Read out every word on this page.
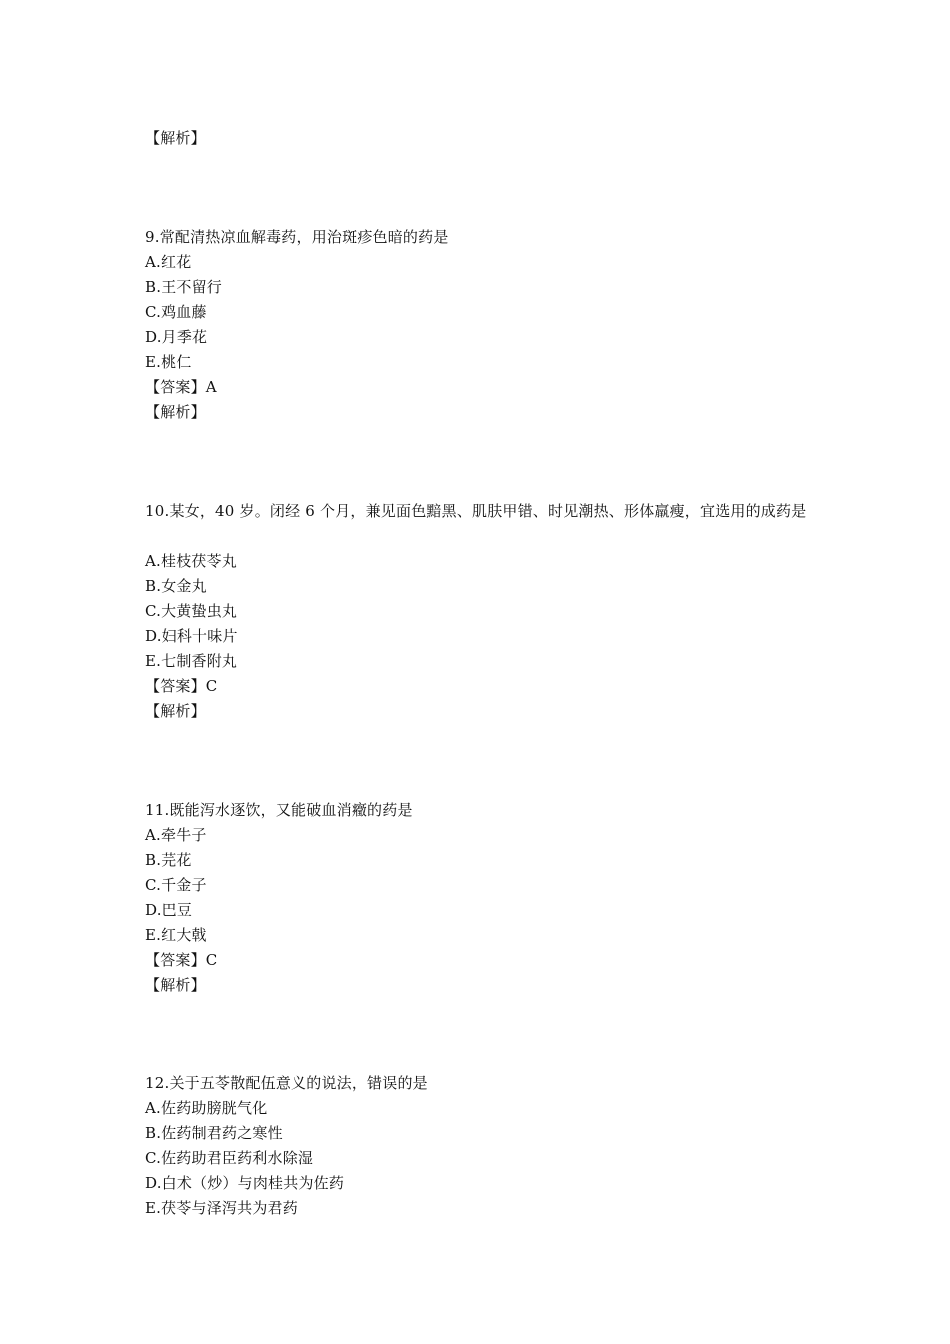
【解析】
9.常配清热凉血解毒药，用治斑疹色暗的药是
A.红花
B.王不留行
C.鸡血藤
D.月季花
E.桃仁
【答案】A
【解析】
10.某女，40 岁。闭经 6 个月，兼见面色黯黑、肌肤甲错、时见潮热、形体羸瘦，宜选用的成药是
A.桂枝茯苓丸
B.女金丸
C.大黄蛰虫丸
D.妇科十味片
E.七制香附丸
【答案】C
【解析】
11.既能泻水逐饮，又能破血消癥的药是
A.牵牛子
B.芫花
C.千金子
D.巴豆
E.红大戟
【答案】C
【解析】
12.关于五苓散配伍意义的说法，错误的是
A.佐药助膀胱气化
B.佐药制君药之寒性
C.佐药助君臣药利水除湿
D.白术（炒）与肉桂共为佐药
E.茯苓与泽泻共为君药
